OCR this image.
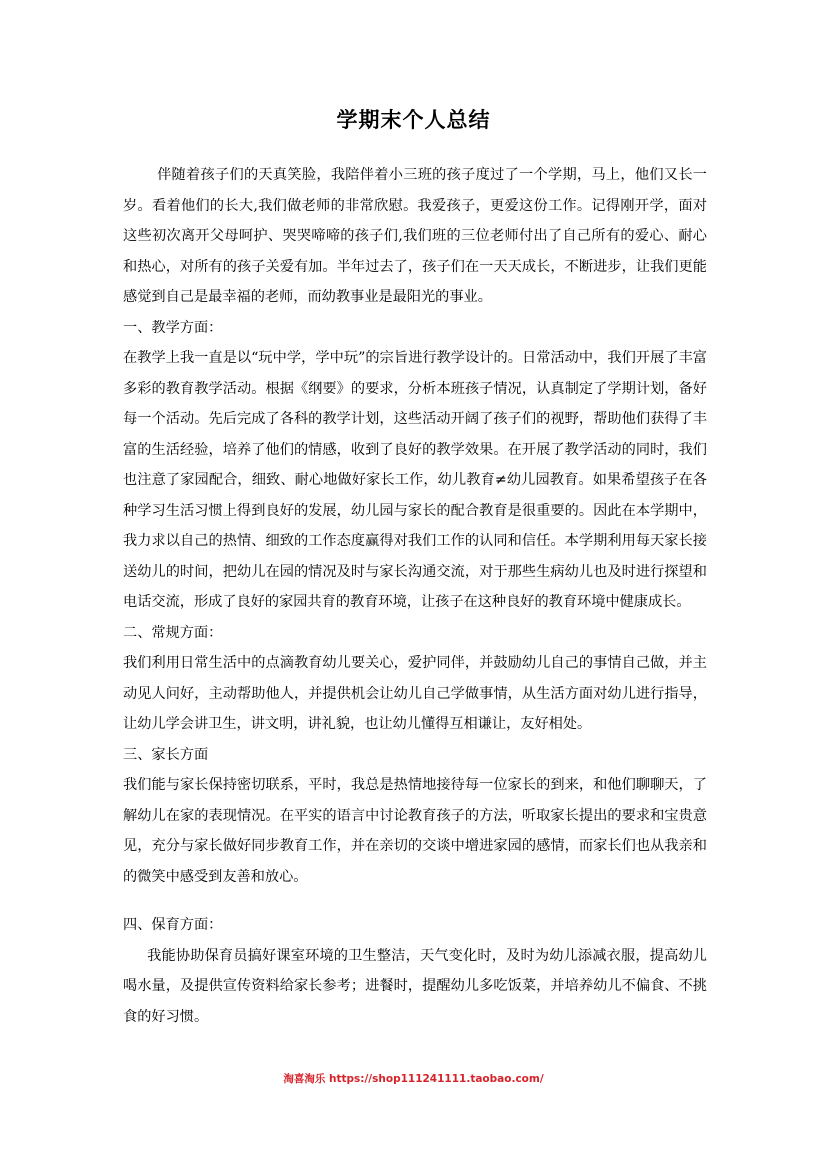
学期末个人总结

伴随着孩子们的天真笑脸，我陪伴着小三班的孩子度过了一个学期，马上，他们又长一岁。看着他们的长大,我们做老师的非常欣慰。我爱孩子，更爱这份工作。记得刚开学，面对这些初次离开父母呵护、哭哭啼啼的孩子们,我们班的三位老师付出了自己所有的爱心、耐心和热心，对所有的孩子关爱有加。半年过去了，孩子们在一天天成长，不断进步，让我们更能感觉到自己是最幸福的老师，而幼教事业是最阳光的事业。

一、教学方面：

在教学上我一直是以“玩中学，学中玩”的宗旨进行教学设计的。日常活动中，我们开展了丰富多彩的教育教学活动。根据《纲要》的要求，分析本班孩子情况，认真制定了学期计划，备好每一个活动。先后完成了各科的教学计划，这些活动开阔了孩子们的视野，帮助他们获得了丰富的生活经验，培养了他们的情感，收到了良好的教学效果。在开展了教学活动的同时，我们也注意了家园配合，细致、耐心地做好家长工作，幼儿教育≠幼儿园教育。如果希望孩子在各种学习生活习惯上得到良好的发展，幼儿园与家长的配合教育是很重要的。因此在本学期中，我力求以自己的热情、细致的工作态度赢得对我们工作的认同和信任。本学期利用每天家长接送幼儿的时间，把幼儿在园的情况及时与家长沟通交流，对于那些生病幼儿也及时进行探望和电话交流，形成了良好的家园共育的教育环境，让孩子在这种良好的教育环境中健康成长。

二、常规方面：

我们利用日常生活中的点滴教育幼儿要关心，爱护同伴，并鼓励幼儿自己的事情自己做，并主动见人问好，主动帮助他人，并提供机会让幼儿自己学做事情，从生活方面对幼儿进行指导，让幼儿学会讲卫生，讲文明，讲礼貌，也让幼儿懂得互相谦让，友好相处。

三、家长方面

我们能与家长保持密切联系，平时，我总是热情地接待每一位家长的到来，和他们聊聊天，了解幼儿在家的表现情况。在平实的语言中讨论教育孩子的方法，听取家长提出的要求和宝贵意见，充分与家长做好同步教育工作，并在亲切的交谈中增进家园的感情，而家长们也从我亲和的微笑中感受到友善和放心。

四、保育方面：

我能协助保育员搞好课室环境的卫生整洁，天气变化时，及时为幼儿添减衣服，提高幼儿喝水量，及提供宣传资料给家长参考；进餐时，提醒幼儿多吃饭菜，并培养幼儿不偏食、不挑食的好习惯。

淘喜淘乐 https://shop111241111.taobao.com/
